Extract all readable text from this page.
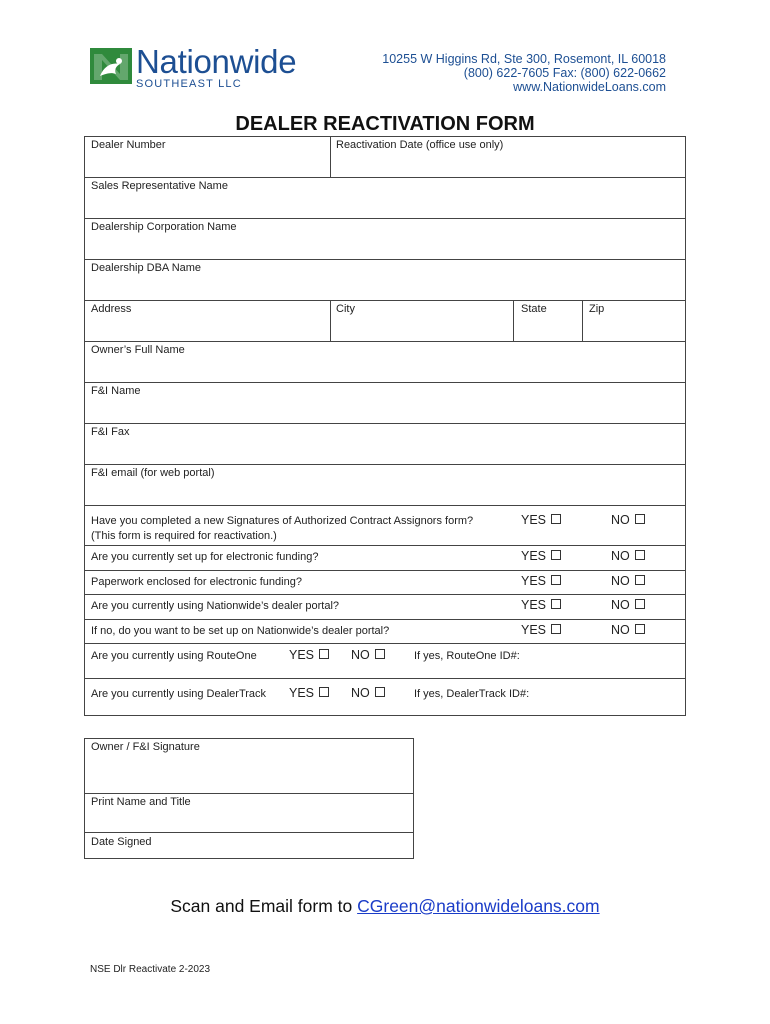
Nationwide
SOUTHEAST LLC
10255 W Higgins Rd, Ste 300, Rosemont, IL 60018
(800) 622-7605 Fax: (800) 622-0662
www.NationwideLoans.com
DEALER REACTIVATION FORM
Dealer Number	Reactivation Date (office use only)
Sales Representative Name
Dealership Corporation Name
Dealership DBA Name
Address	City	State	Zip
Owner’s Full Name
F&I Name
F&I Fax
F&I email (for web portal)
Have you completed a new Signatures of Authorized Contract Assignors form?
(This form is required for reactivation.)
YES	NO
Are you currently set up for electronic funding?	YES	NO
Paperwork enclosed for electronic funding?	YES	NO
Are you currently using Nationwide’s dealer portal?	YES	NO
If no, do you want to be set up on Nationwide’s dealer portal?	YES	NO
Are you currently using RouteOne	YES	NO	If yes, RouteOne ID#:
Are you currently using DealerTrack YES	NO	If yes, DealerTrack ID#:
Owner / F&I Signature
Print Name and Title
Date Signed
Scan and Email form to CGreen@nationwideloans.com
NSE Dlr Reactivate 2-2023
